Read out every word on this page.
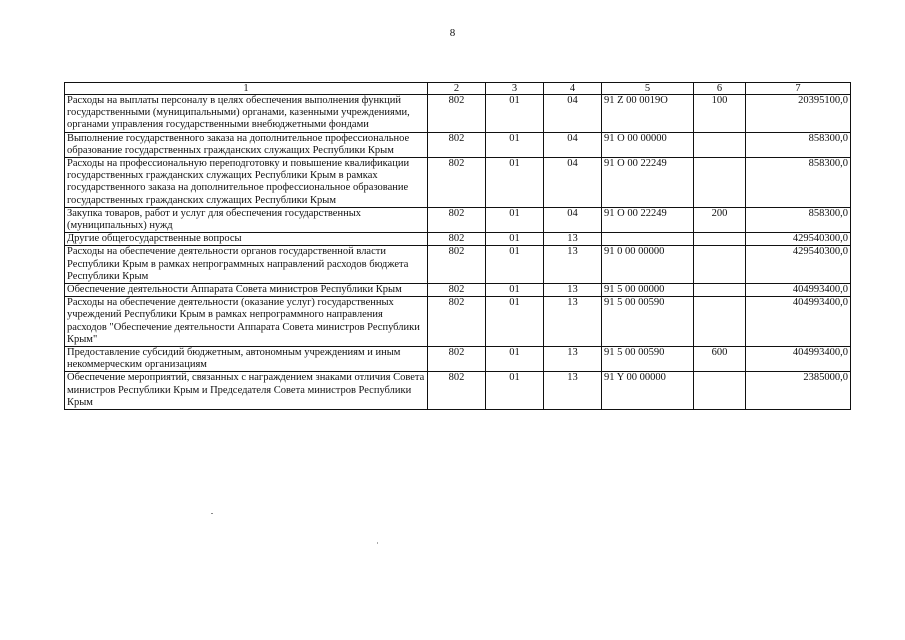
8
1	2	3	4	5	6	7
Расходы на выплаты персоналу в целях обеспечения выполнения функций государственными (муниципальными) органами, казенными учреждениями, органами управления государственными внебюджетными фондами	802	01	04	91 Z 00 0019O	100	20395100,0
Выполнение государственного заказа на дополнительное профессиональное образование государственных гражданских служащих Республики Крым	802	01	04	91 O 00 00000		858300,0
Расходы на профессиональную переподготовку и повышение квалификации государственных гражданских служащих Республики Крым в рамках государственного заказа на дополнительное профессиональное образование государственных гражданских служащих Республики Крым	802	01	04	91 O 00 22249		858300,0
Закупка товаров, работ и услуг для обеспечения государственных (муниципальных) нужд	802	01	04	91 O 00 22249	200	858300,0
Другие общегосударственные вопросы	802	01	13			429540300,0
Расходы на обеспечение деятельности органов государственной власти Республики Крым в рамках непрограммных направлений расходов бюджета Республики Крым	802	01	13	91 0 00 00000		429540300,0
Обеспечение деятельности Аппарата Совета министров Республики Крым	802	01	13	91 5 00 00000		404993400,0
Расходы на обеспечение деятельности (оказание услуг) государственных учреждений Республики Крым в рамках непрограммного направления расходов "Обеспечение деятельности Аппарата Совета министров Республики Крым"	802	01	13	91 5 00 00590		404993400,0
Предоставление субсидий бюджетным, автономным учреждениям и иным некоммерческим организациям	802	01	13	91 5 00 00590	600	404993400,0
Обеспечение мероприятий, связанных с награждением знаками отличия Совета министров Республики Крым и Председателя Совета министров Республики Крым	802	01	13	91 Y 00 00000		2385000,0
